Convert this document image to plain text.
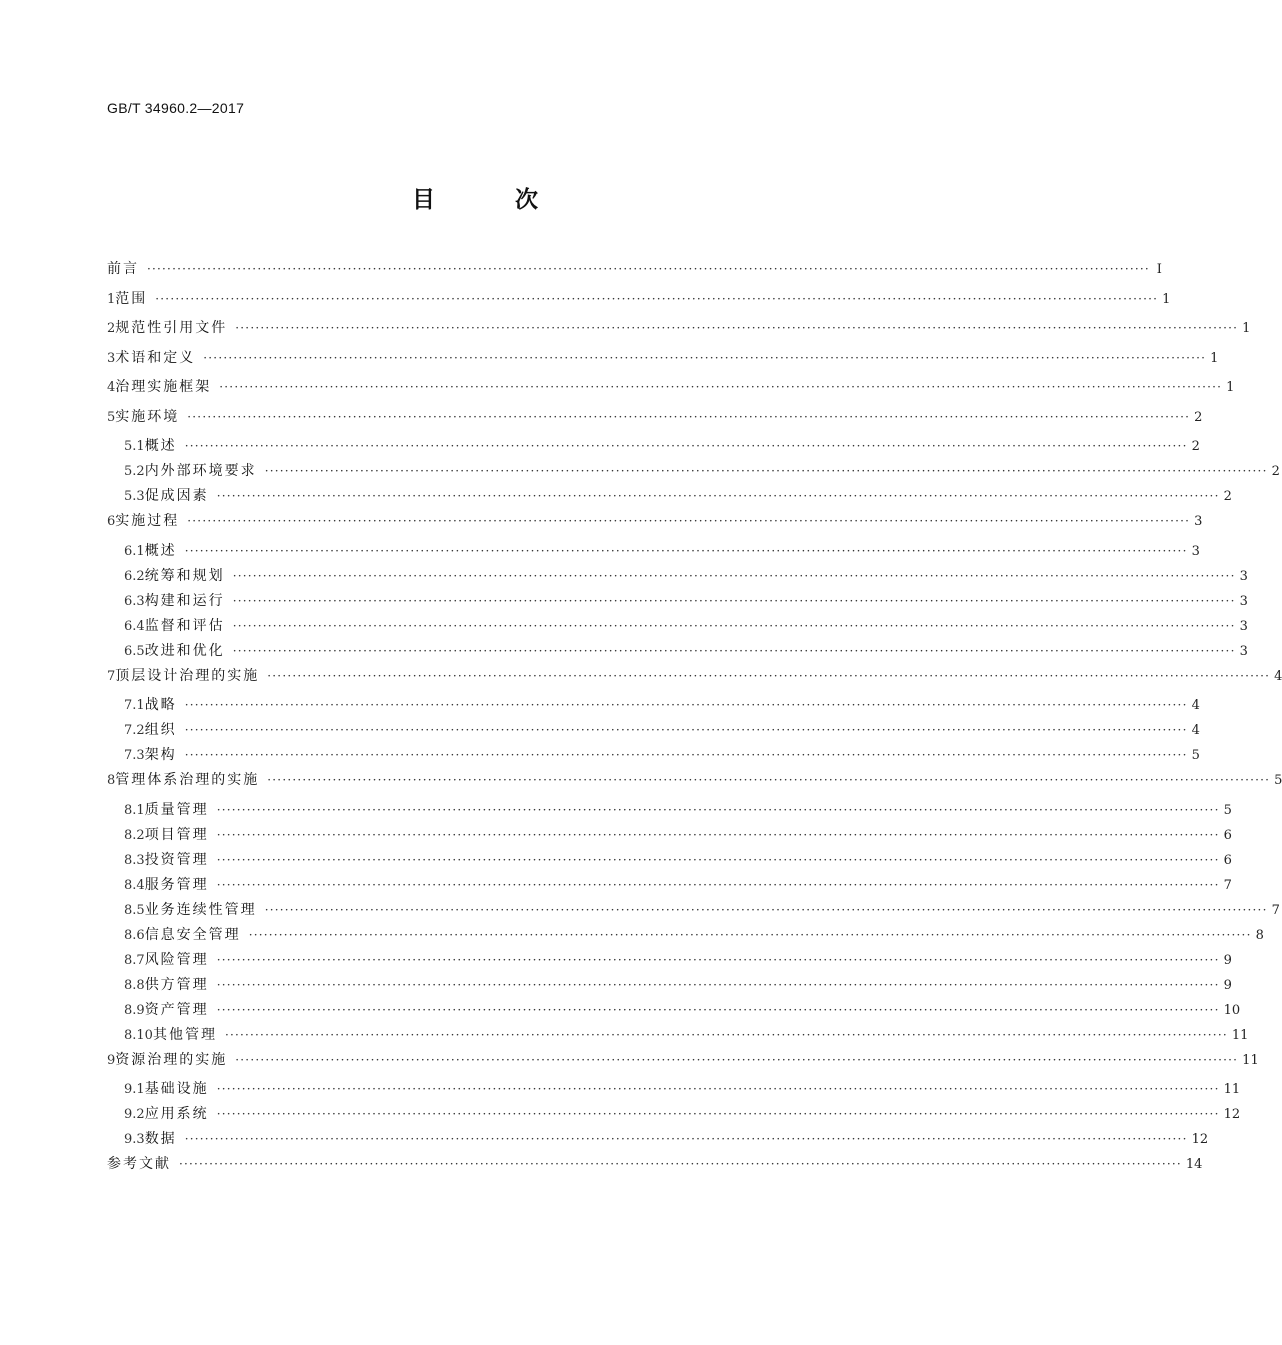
GB/T 34960.2—2017
目 次
前言 ········································································································································································································ Ⅰ
1 范围 ········································································································································································································ 1
2 规范性引用文件 ········································································································································································································ 1
3 术语和定义 ········································································································································································································ 1
4 治理实施框架 ········································································································································································································ 1
5 实施环境 ········································································································································································································ 2
5.1 概述 ········································································································································································································ 2
5.2 内外部环境要求 ········································································································································································································ 2
5.3 促成因素 ········································································································································································································ 2
6 实施过程 ········································································································································································································ 3
6.1 概述 ········································································································································································································ 3
6.2 统筹和规划 ········································································································································································································ 3
6.3 构建和运行 ········································································································································································································ 3
6.4 监督和评估 ········································································································································································································ 3
6.5 改进和优化 ········································································································································································································ 3
7 顶层设计治理的实施 ········································································································································································································ 4
7.1 战略 ········································································································································································································ 4
7.2 组织 ········································································································································································································ 4
7.3 架构 ········································································································································································································ 5
8 管理体系治理的实施 ········································································································································································································ 5
8.1 质量管理 ········································································································································································································ 5
8.2 项目管理 ········································································································································································································ 6
8.3 投资管理 ········································································································································································································ 6
8.4 服务管理 ········································································································································································································ 7
8.5 业务连续性管理 ········································································································································································································ 7
8.6 信息安全管理 ········································································································································································································ 8
8.7 风险管理 ········································································································································································································ 9
8.8 供方管理 ········································································································································································································ 9
8.9 资产管理 ········································································································································································································ 10
8.10 其他管理 ········································································································································································································ 11
9 资源治理的实施 ········································································································································································································ 11
9.1 基础设施 ········································································································································································································ 11
9.2 应用系统 ········································································································································································································ 12
9.3 数据 ········································································································································································································ 12
参考文献 ········································································································································································································ 14
